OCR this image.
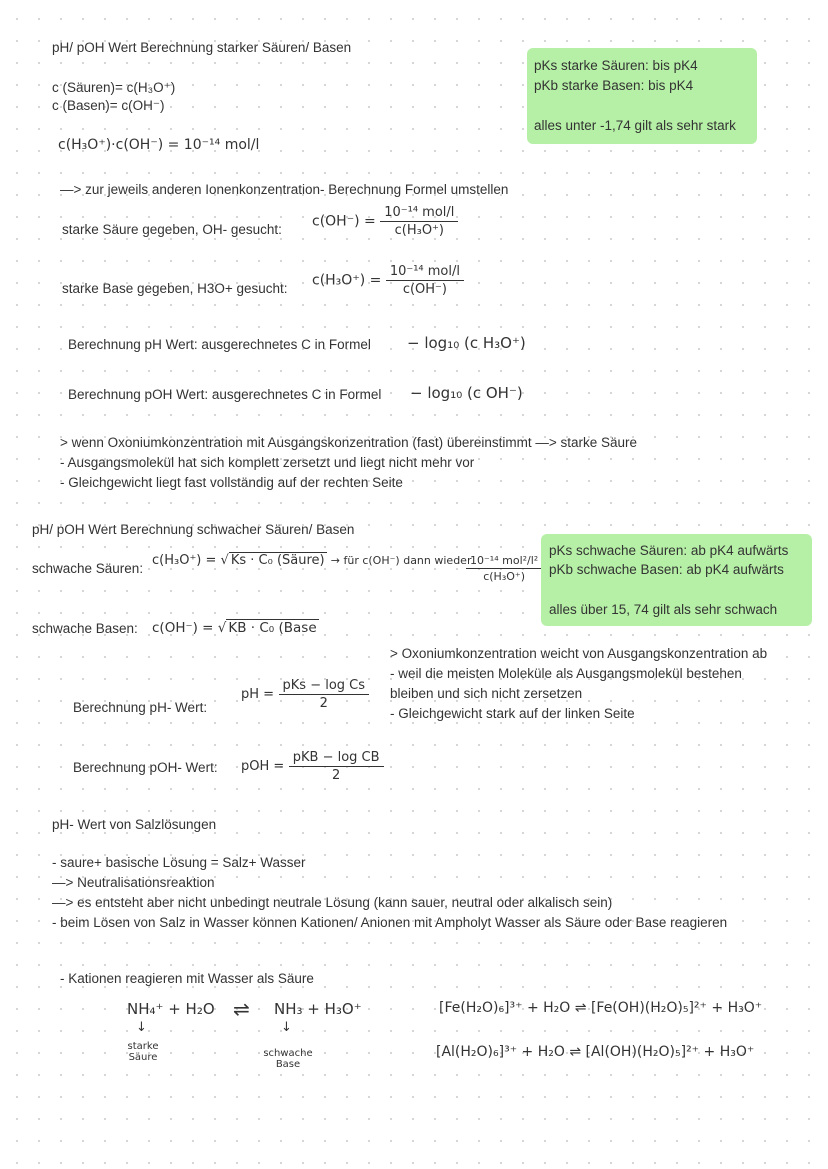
pH/ pOH Wert Berechnung starker Säuren/ Basen
c (Säuren)= c(H₃O⁺)
c (Basen)= c(OH⁻)
c(H₃O⁺)·c(OH⁻) = 10⁻¹⁴ mol/l
pKs starke Säuren: bis pK4
pKb starke Basen: bis pK4
alles unter -1,74 gilt als sehr stark
—> zur jeweils anderen Ionenkonzentration- Berechnung Formel umstellen
starke Säure gegeben, OH- gesucht: $c(OH^-) = \frac{\text{10⁻¹⁴ mol/l}}{\text{c(H₃O⁺)}}$
starke Base gegeben, H3O+ gesucht: $c(H_3O^+) = \frac{\text{10⁻¹⁴ mol/l}}{c(OH^-)}$
Berechnung pH Wert: ausgerechnetes C in Formel − log₁₀ (c H₃O⁺)
Berechnung pOH Wert: ausgerechnetes C in Formel − log₁₀ (c OH⁻)
> wenn Oxoniumkonzentration mit Ausgangskonzentration (fast) übereinstimmt —> starke Säure
- Ausgangsmolekül hat sich komplett zersetzt und liegt nicht mehr vor
- Gleichgewicht liegt fast vollständig auf der rechten Seite
pH/ pOH Wert Berechnung schwacher Säuren/ Basen
schwache Säuren:
c(H₃O⁺) = √ Ks · C₀ (Säure) → für c(OH⁻) dann wieder
$\frac{\text{10⁻¹⁴ mol²/l²}}{\text{c(H₃O⁺)}}$
pKs schwache Säuren: ab pK4 aufwärts
pKb schwache Basen: ab pK4 aufwärts
alles über 15, 74 gilt als sehr schwach
schwache Basen: c(OH⁻) = √ KB · C₀ (Base
> Oxoniumkonzentration weicht von Ausgangskonzentration ab
- weil die meisten Moleküle als Ausgangsmolekül bestehen
bleiben und sich nicht zersetzen
- Gleichgewicht stark auf der linken Seite
Berechnung pH- Wert:
pH = $\frac{\text{pKs − log Cs}}{2}$
Berechnung pOH- Wert: pOH = $\frac{\text{pKB − log CB}}{2}$
pH- Wert von Salzlösungen
- saure+ basische Lösung = Salz+ Wasser
—> Neutralisationsreaktion
—> es entsteht aber nicht unbedingt neutrale Lösung (kann sauer, neutral oder alkalisch sein)
- beim Lösen von Salz in Wasser können Kationen/ Anionen mit Ampholyt Wasser als Säure oder Base reagieren
- Kationen reagieren mit Wasser als Säure
NH₄⁺ + H₂O ⇌ NH₃ + H₃O⁺
↓	↓
starke Säure	schwache Base
[Fe(H₂O)₆]³⁺ + H₂O ⇌ [Fe(OH)(H₂O)₅]²⁺ + H₃O⁺
[Al(H₂O)₆]³⁺ + H₂O ⇌ [Al(OH)(H₂O)₅]²⁺ + H₃O⁺
